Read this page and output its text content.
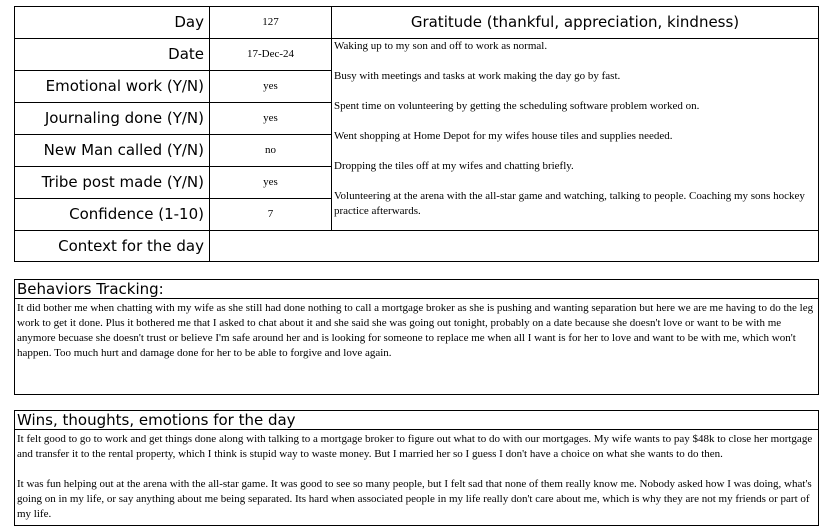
Day
Date
Emotional work (Y/N)
Journaling done (Y/N)
New Man called (Y/N)
Tribe post made (Y/N)
Confidence (1-10)
Context for the day
127
17-Dec-24
yes
yes
no
yes
7
Gratitude (thankful, appreciation, kindness)
Waking up to my son and off to work as normal.
Busy with meetings and tasks at work making the day go by fast.
Spent time on volunteering by getting the scheduling software problem worked on.
Went shopping at Home Depot for my wifes house tiles and supplies needed.
Dropping the tiles off at my wifes and chatting briefly.
Volunteering at the arena with the all-star game and watching, talking to people. Coaching my sons hockey practice afterwards.
Behaviors Tracking:

It did bother me when chatting with my wife as she still had done nothing to call a mortgage broker as she is pushing and wanting separation but here we are me having to do the leg work to get it done. Plus it bothered me that I asked to chat about it and she said she was going out tonight, probably on a date because she doesn't love or want to be with me anymore becuase she doesn't trust or believe I'm safe around her and is looking for someone to replace me when all I want is for her to love and want to be with me, which won't happen. Too much hurt and damage done for her to be able to forgive and love again.

Wins, thoughts, emotions for the day

It felt good to go to work and get things done along with talking to a mortgage broker to figure out what to do with our mortgages. My wife wants to pay $48k to close her mortgage and transfer it to the rental property, which I think is stupid way to waste money. But I married her so I guess I don't have a choice on what she wants to do then.

It was fun helping out at the arena with the all-star game. It was good to see so many people, but I felt sad that none of them really know me. Nobody asked how I was doing, what's going on in my life, or say anything about me being separated. Its hard when associated people in my life really don't care about me, which is why they are not my friends or part of my life.
